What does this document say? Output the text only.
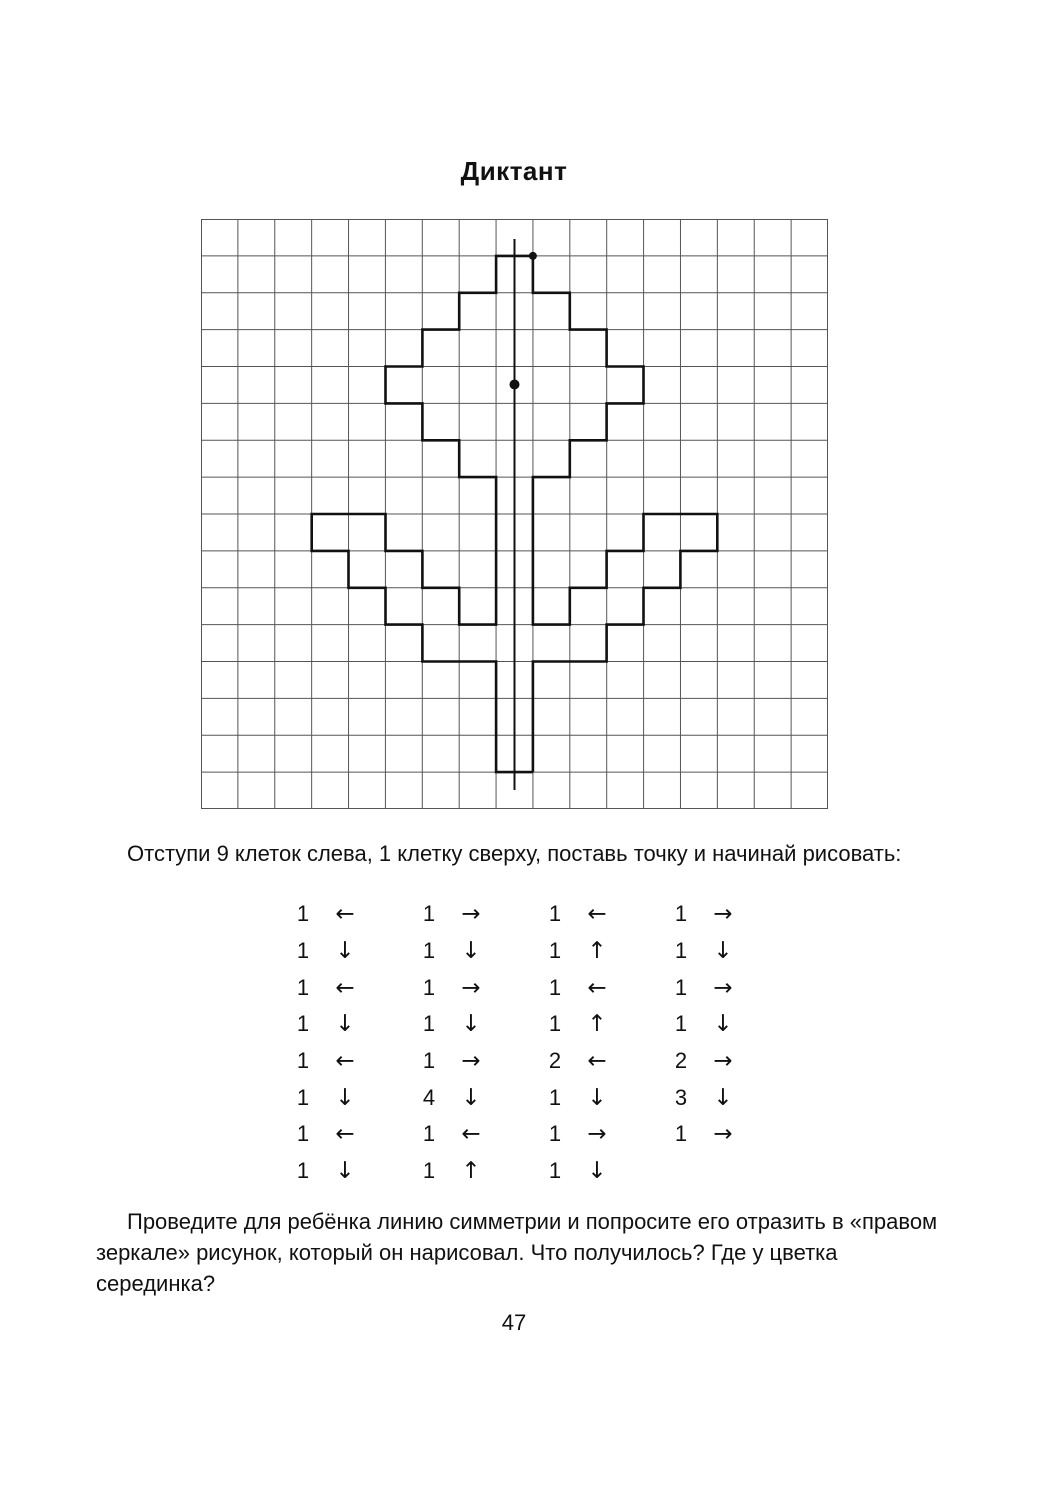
Диктант

Отступи 9 клеток слева, 1 клетку сверху, поставь точку и начинай рисовать:

1	←	1	→	1	←	1	→
1	↓	1	↓	1	↑	1	↓
1	←	1	→	1	←	1	→
1	↓	1	↓	1	↑	1	↓
1	←	1	→	2	←	2	→
1	↓	4	↓	1	↓	3	↓
1	←	1	←	1	→	1	→
1	↓	1	↑	1	↓

Проведите для ребёнка линию симметрии и попросите его отразить в «правом зеркале» рисунок, который он нарисовал. Что получилось? Где у цветка серединка?

47
